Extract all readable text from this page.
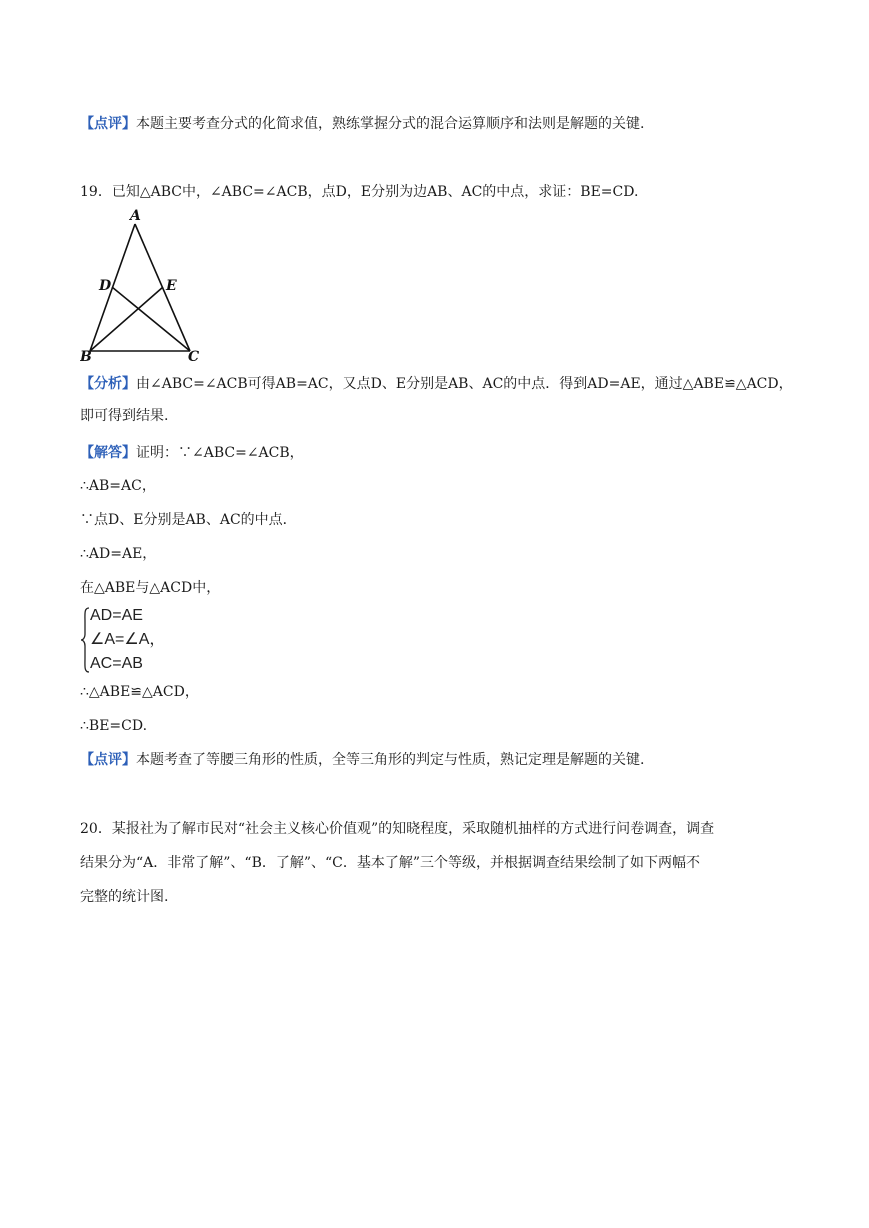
【点评】本题主要考查分式的化简求值，熟练掌握分式的混合运算顺序和法则是解题的关键.
19．已知△ABC中，∠ABC=∠ACB，点D，E分别为边AB、AC的中点，求证：BE=CD.
A
D	E
B	C
【分析】由∠ABC=∠ACB可得AB=AC，又点D、E分别是AB、AC的中点．得到AD=AE，通过△ABE≌△ACD，
即可得到结果.
【解答】证明：∵∠ABC=∠ACB，
∴AB=AC，
∵点D、E分别是AB、AC的中点．
∴AD=AE，
在△ABE与△ACD中，
AD=AE
∠A=∠A，
AC=AB
∴△ABE≌△ACD，
∴BE=CD.
【点评】本题考查了等腰三角形的性质，全等三角形的判定与性质，熟记定理是解题的关键.
20．某报社为了解市民对“社会主义核心价值观”的知晓程度，采取随机抽样的方式进行问卷调查，调查
结果分为“A．非常了解”、“B．了解”、“C．基本了解”三个等级，并根据调查结果绘制了如下两幅不
完整的统计图.
